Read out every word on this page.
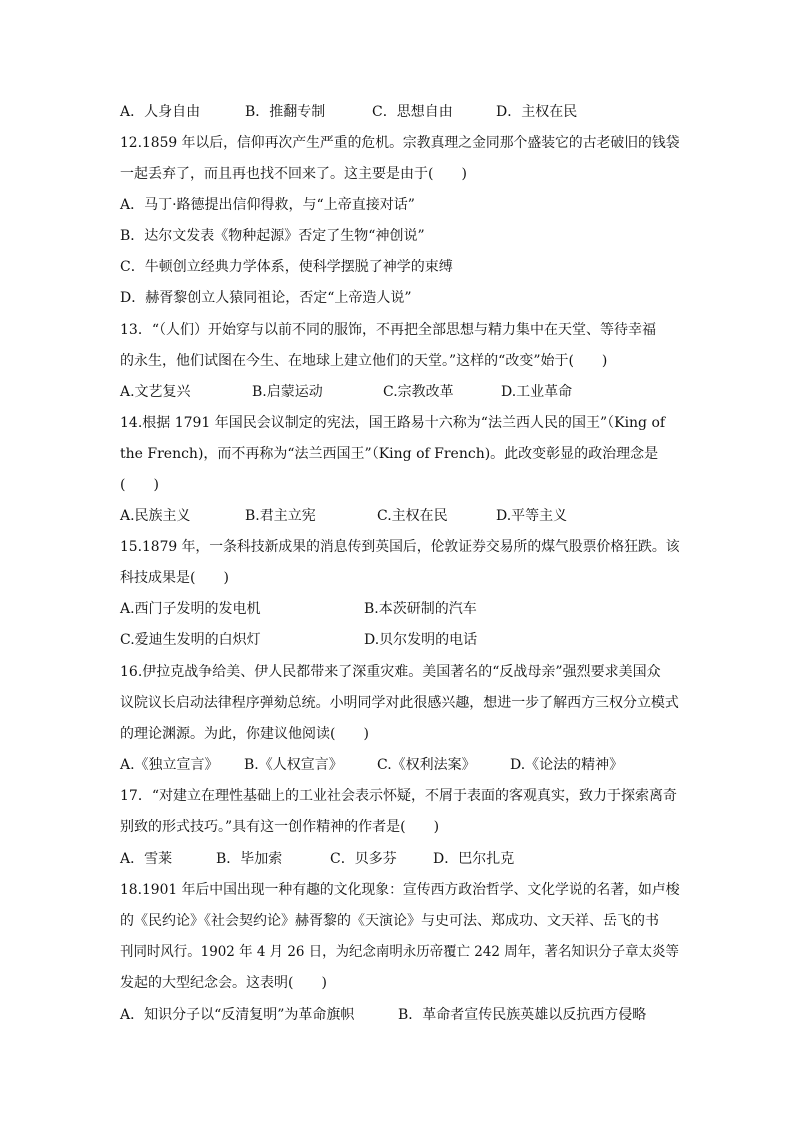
A．人身自由	B．推翻专制	C．思想自由	D．主权在民
12.1859 年以后，信仰再次产生严重的危机。宗教真理之金同那个盛装它的古老破旧的钱袋
一起丢弃了，而且再也找不回来了。这主要是由于(　　)
A．马丁·路德提出信仰得救，与“上帝直接对话”
B．达尔文发表《物种起源》否定了生物“神创说”
C．牛顿创立经典力学体系，使科学摆脱了神学的束缚
D．赫胥黎创立人猿同祖论，否定“上帝造人说”
13．“（人们）开始穿与以前不同的服饰，不再把全部思想与精力集中在天堂、等待幸福
的永生，他们试图在今生、在地球上建立他们的天堂。”这样的“改变”始于(　　)
A.文艺复兴	B.启蒙运动	C.宗教改革	D.工业革命
14.根据 1791 年国民会议制定的宪法，国王路易十六称为“法兰西人民的国王”（King of
the French)，而不再称为“法兰西国王”（King of French)。此改变彰显的政治理念是
(　　)
A.民族主义	B.君主立宪	C.主权在民	D.平等主义
15.1879 年，一条科技新成果的消息传到英国后，伦敦证券交易所的煤气股票价格狂跌。该
科技成果是(　　)
A.西门子发明的发电机	B.本茨研制的汽车
C.爱迪生发明的白炽灯	D.贝尔发明的电话
16.伊拉克战争给美、伊人民都带来了深重灾难。美国著名的“反战母亲”强烈要求美国众
议院议长启动法律程序弹劾总统。小明同学对此很感兴趣，想进一步了解西方三权分立模式
的理论渊源。为此，你建议他阅读(　　)
A.《独立宣言》 B.《人权宣言》 C.《权利法案》 D.《论法的精神》
17．“对建立在理性基础上的工业社会表示怀疑，不屑于表面的客观真实，致力于探索离奇
别致的形式技巧。”具有这一创作精神的作者是(　　)
A．雪莱	B．毕加索	C．贝多芬	D．巴尔扎克
18.1901 年后中国出现一种有趣的文化现象：宣传西方政治哲学、文化学说的名著，如卢梭
的《民约论》《社会契约论》赫胥黎的《天演论》与史可法、郑成功、文天祥、岳飞的书
刊同时风行。1902 年 4 月 26 日，为纪念南明永历帝覆亡 242 周年，著名知识分子章太炎等
发起的大型纪念会。这表明(　　)
A．知识分子以“反清复明”为革命旗帜	B．革命者宣传民族英雄以反抗西方侵略
